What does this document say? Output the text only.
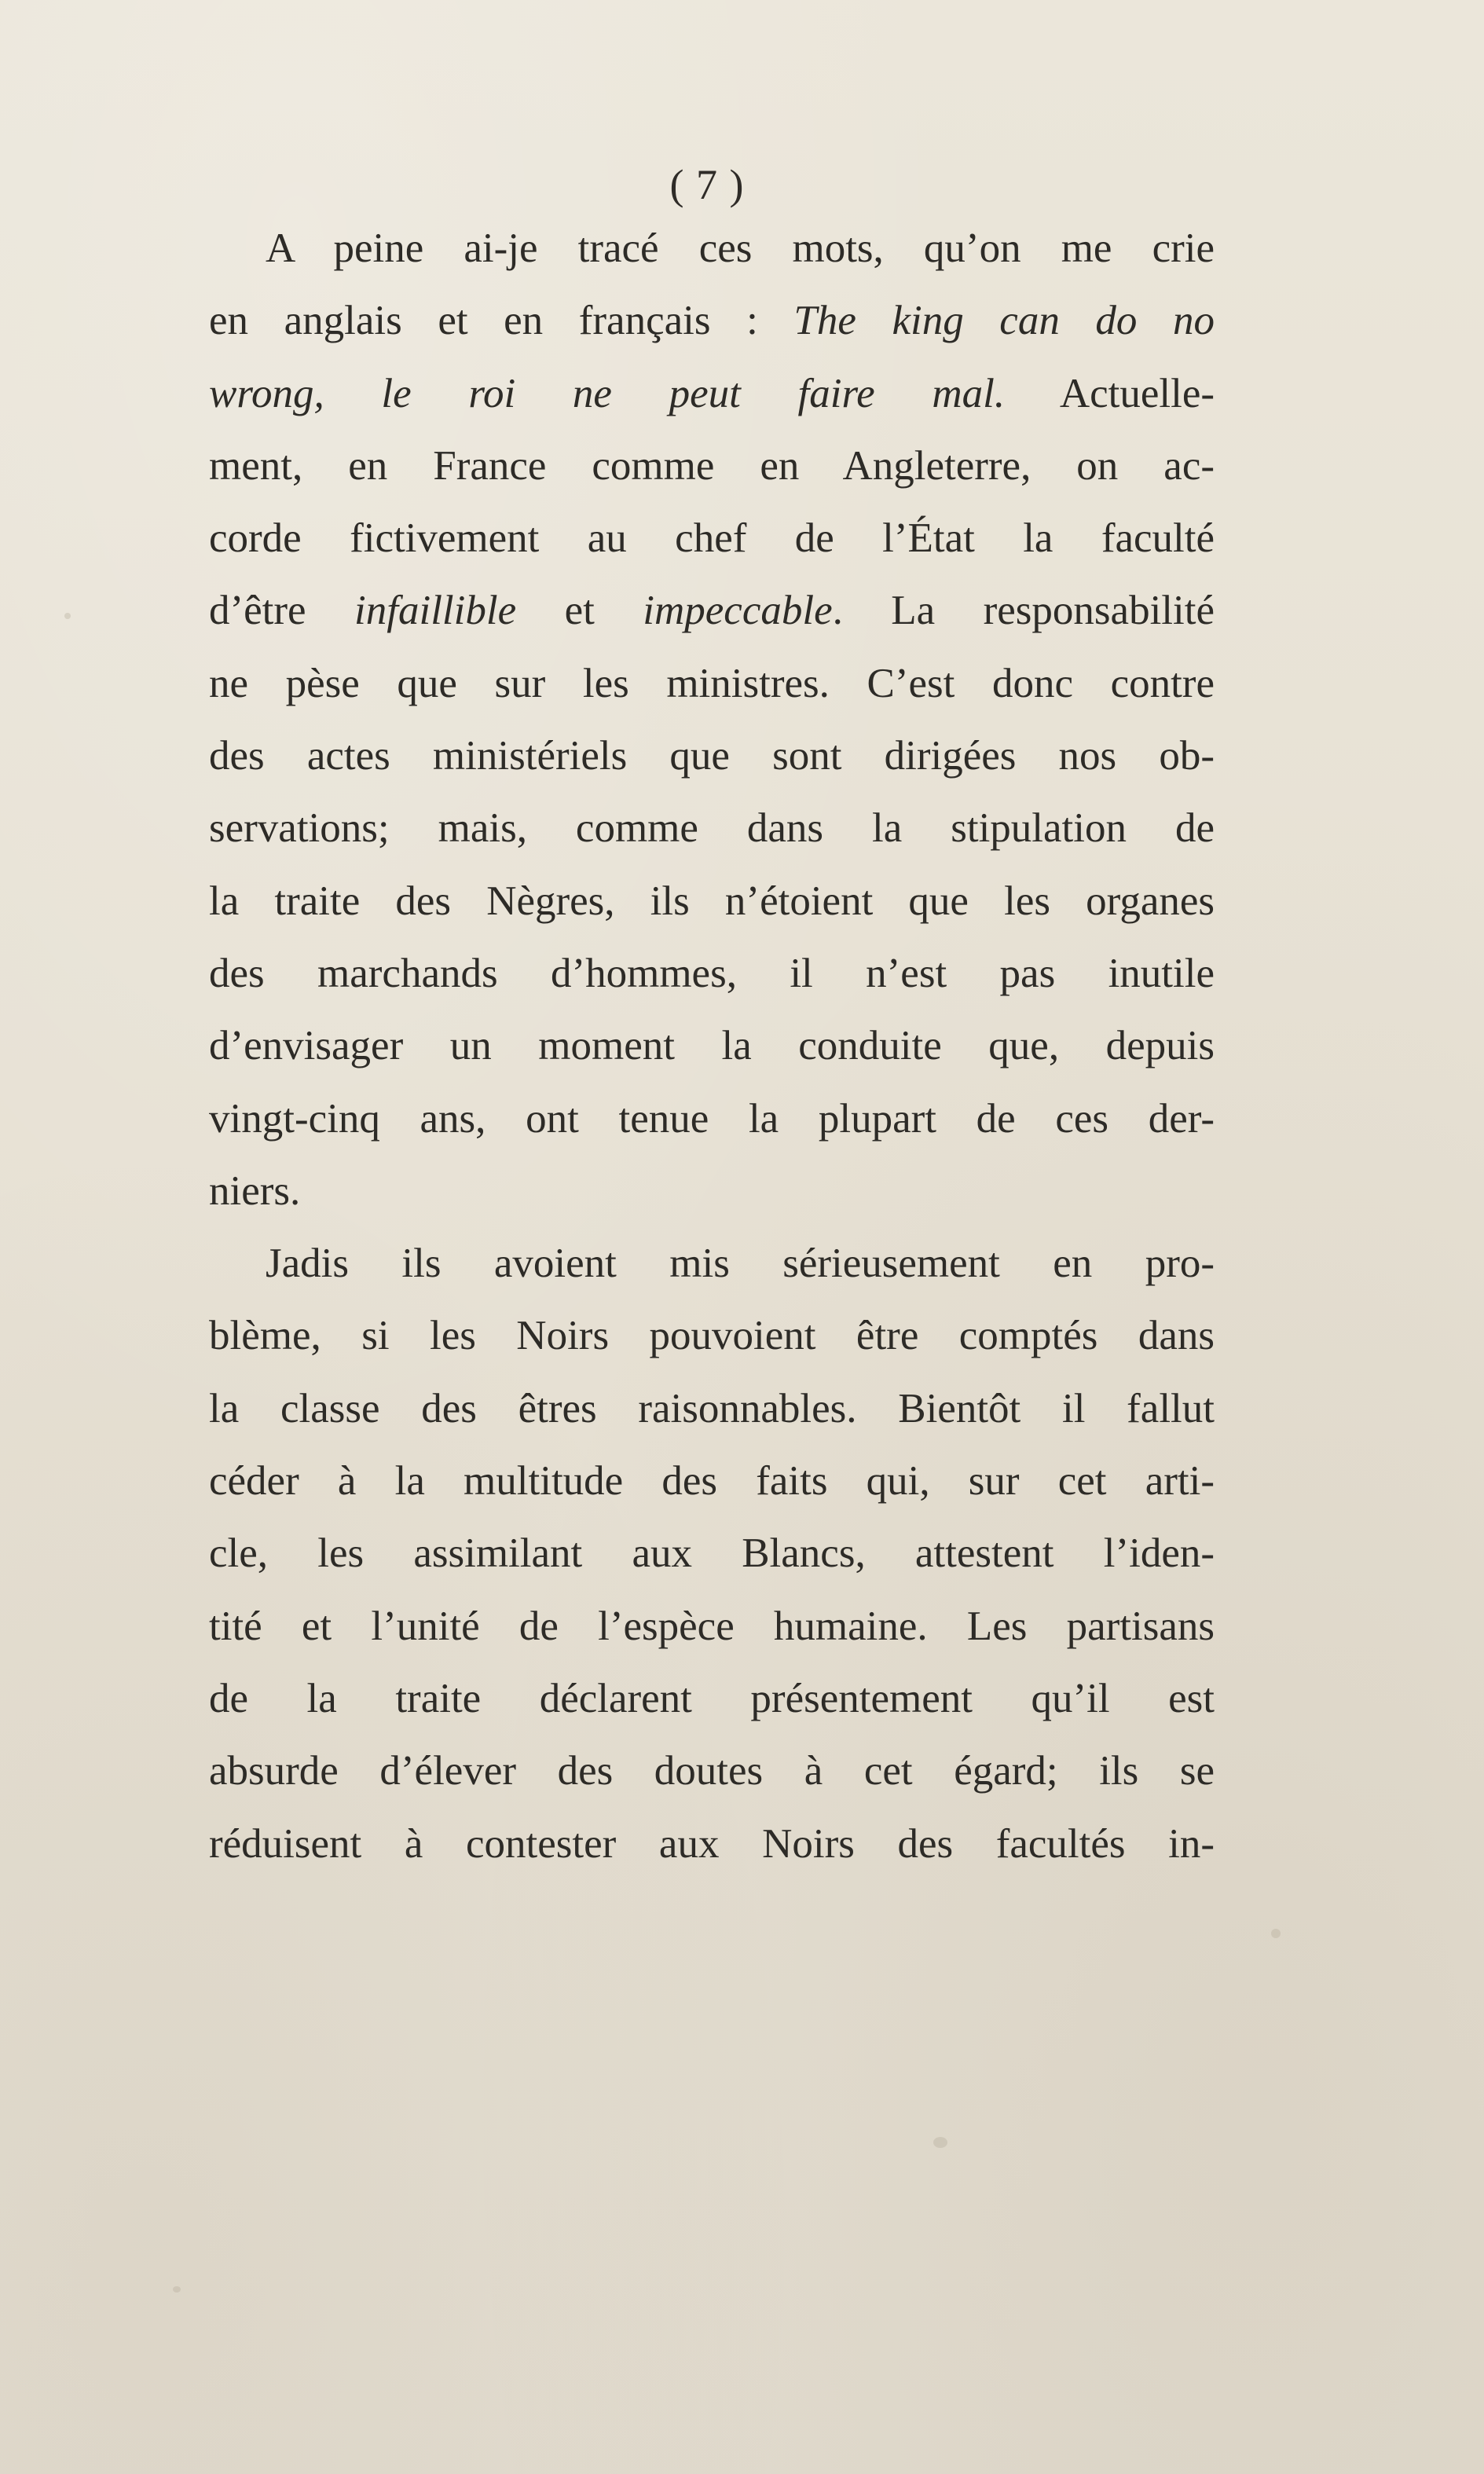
( 7 )
A peine ai-je tracé ces mots, qu’on me crie
en anglais et en français : The king can do no
wrong, le roi ne peut faire mal. Actuelle-
ment, en France comme en Angleterre, on ac-
corde fictivement au chef de l’État la faculté
d’être infaillible et impeccable. La responsabilité
ne pèse que sur les ministres. C’est donc contre
des actes ministériels que sont dirigées nos ob-
servations; mais, comme dans la stipulation de
la traite des Nègres, ils n’étoient que les organes
des marchands d’hommes, il n’est pas inutile
d’envisager un moment la conduite que, depuis
vingt-cinq ans, ont tenue la plupart de ces der-
niers.
Jadis ils avoient mis sérieusement en pro-
blème, si les Noirs pouvoient être comptés dans
la classe des êtres raisonnables. Bientôt il fallut
céder à la multitude des faits qui, sur cet arti-
cle, les assimilant aux Blancs, attestent l’iden-
tité et l’unité de l’espèce humaine. Les partisans
de la traite déclarent présentement qu’il est
absurde d’élever des doutes à cet égard; ils se
réduisent à contester aux Noirs des facultés in-
